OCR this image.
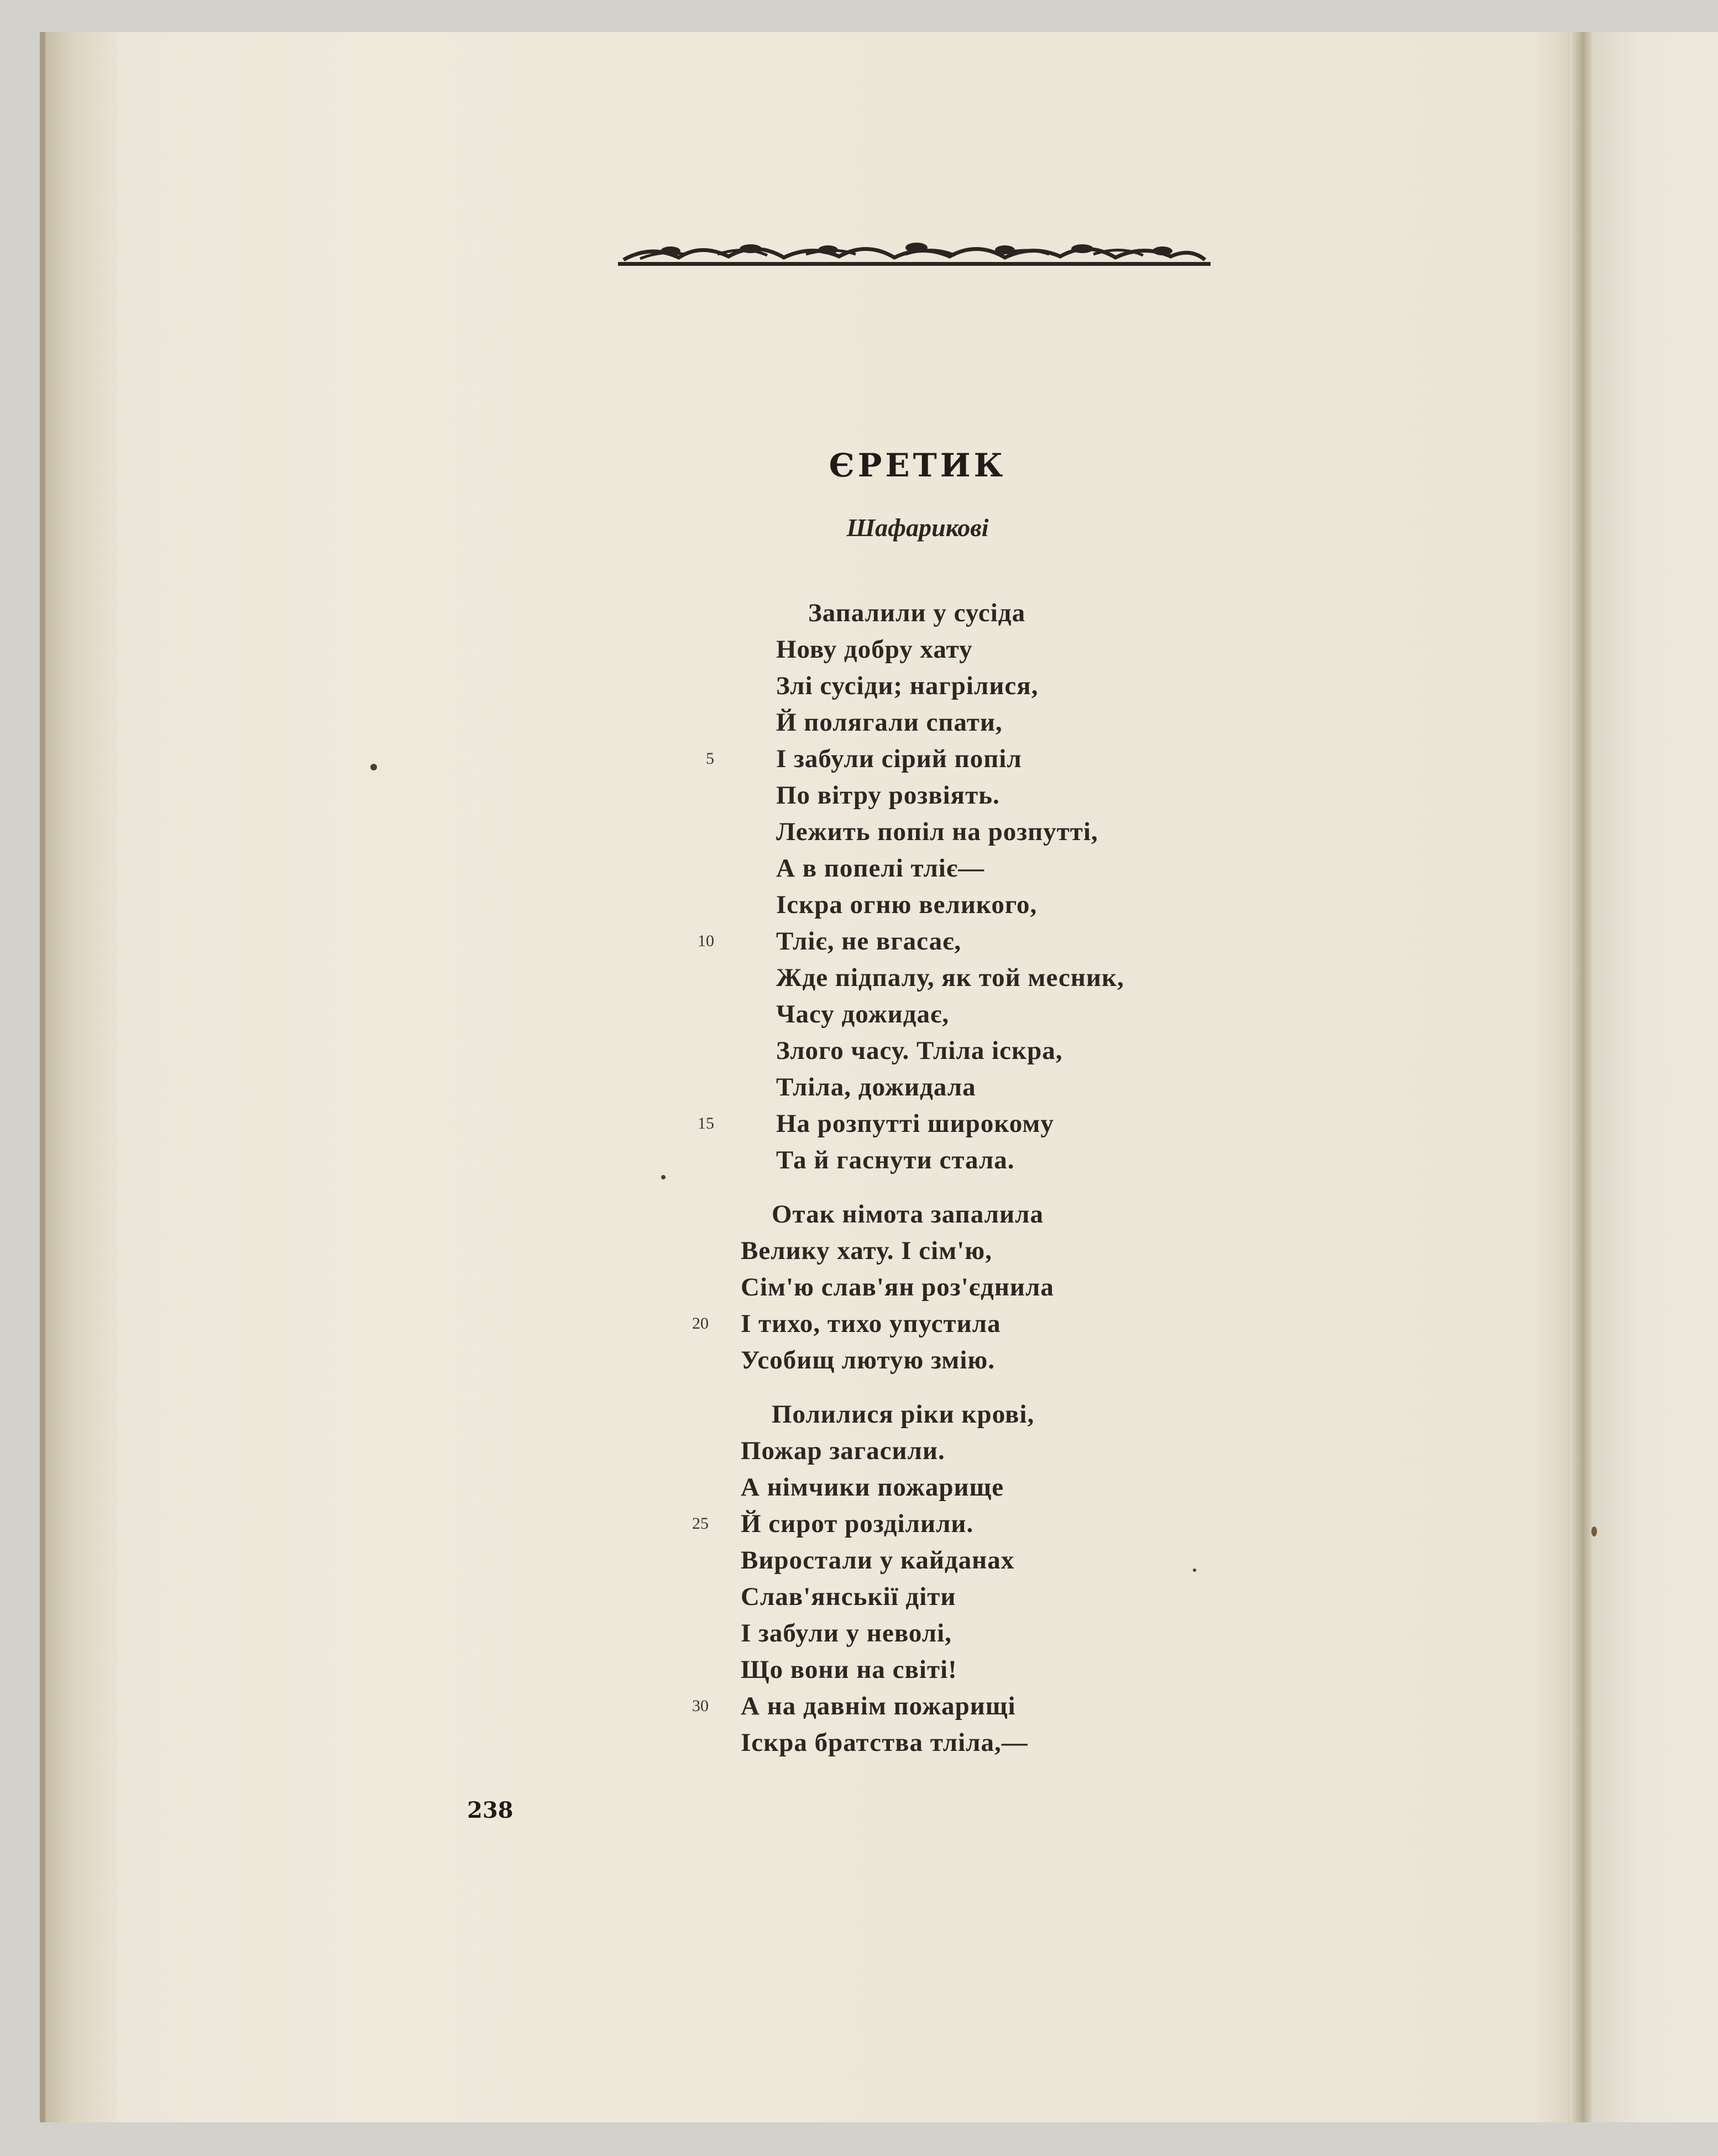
ЄРЕТИК
Шафарикові
Запалили у сусіда
Нову добру хату
Злі сусіди; нагрілися,
Й полягали спати,
І забули сірий попіл
По вітру розвіять.
Лежить попіл на розпутті,
А в попелі тліє—
Іскра огню великого,
Тліє, не вгасає,
Жде підпалу, як той месник,
Часу дожидає,
Злого часу. Тліла іскра,
Тліла, дожидала
На розпутті широкому
Та й гаснути стала.
Отак німота запалила
Велику хату. І сім'ю,
Сім'ю слав'ян роз'єднила
І тихо, тихо упустила
Усобищ лютую змію.
Полилися ріки крові,
Пожар загасили.
А німчики пожарище
Й сирот розділили.
Виростали у кайданах
Слав'янськії діти
І забули у неволі,
Що вони на світі!
А на давнім пожарищі
Іскра братства тліла,—
5
10
15
20
25
30
238
